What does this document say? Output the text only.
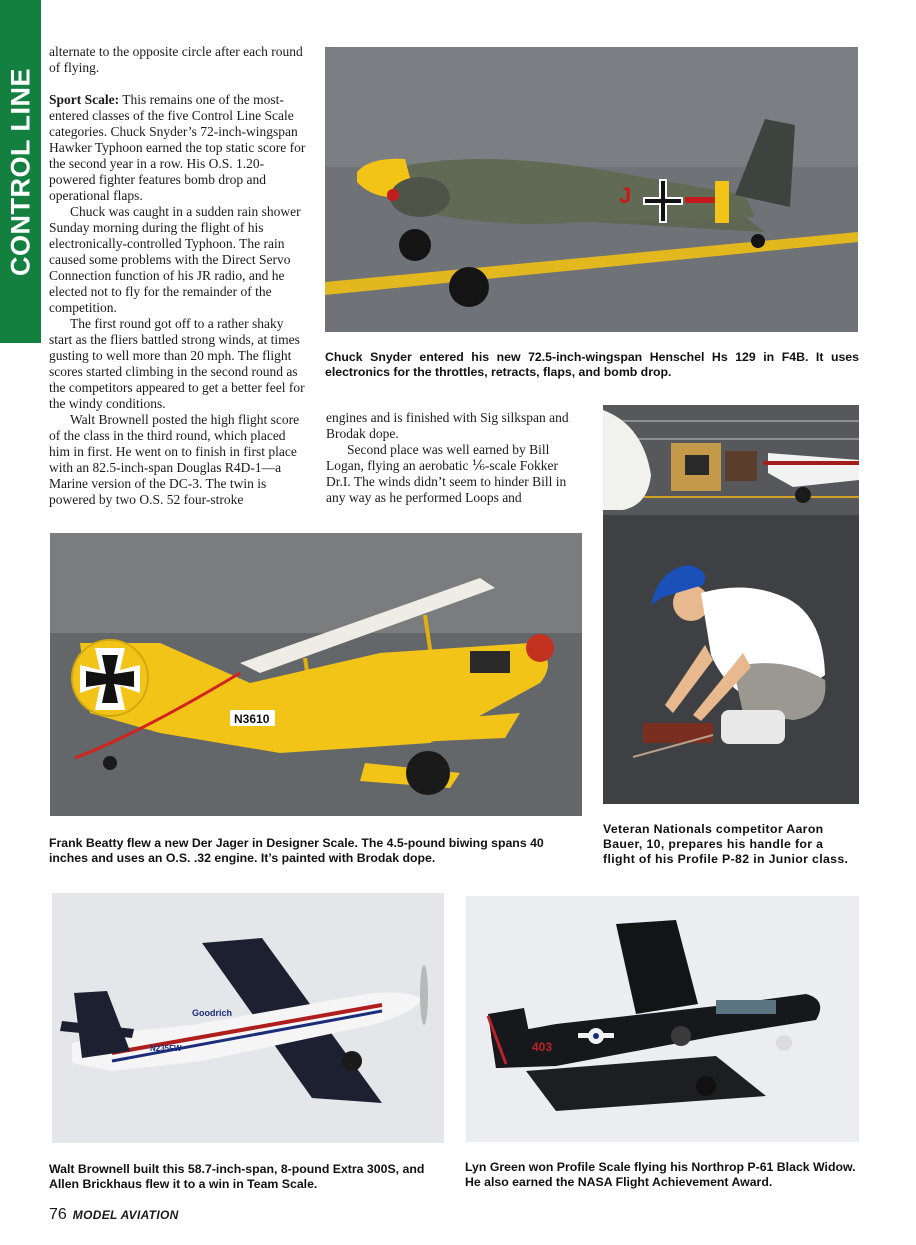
CONTROL LINE

alternate to the opposite circle after each round of flying.

Sport Scale: This remains one of the most-entered classes of the five Control Line Scale categories. Chuck Snyder’s 72-inch-wingspan Hawker Typhoon earned the top static score for the second year in a row. His O.S. 1.20-powered fighter features bomb drop and operational flaps.

Chuck was caught in a sudden rain shower Sunday morning during the flight of his electronically-controlled Typhoon. The rain caused some problems with the Direct Servo Connection function of his JR radio, and he elected not to fly for the remainder of the competition.

The first round got off to a rather shaky start as the fliers battled strong winds, at times gusting to well more than 20 mph. The flight scores started climbing in the second round as the competitors appeared to get a better feel for the windy conditions.

Walt Brownell posted the high flight score of the class in the third round, which placed him in first. He went on to finish in first place with an 82.5-inch-span Douglas R4D-1—a Marine version of the DC-3. The twin is powered by two O.S. 52 four-stroke

engines and is finished with Sig silkspan and Brodak dope.

Second place was well earned by Bill Logan, flying an aerobatic ⅙-scale Fokker Dr.I. The winds didn’t seem to hinder Bill in any way as he performed Loops and

J
Chuck Snyder entered his new 72.5-inch-wingspan Henschel Hs 129 in F4B. It uses electronics for the throttles, retracts, flaps, and bomb drop.
Veteran Nationals competitor Aaron Bauer, 10, prepares his handle for a flight of his Profile P-82 in Junior class.
N3610
Frank Beatty flew a new Der Jager in Designer Scale. The 4.5-pound biwing spans 40 inches and uses an O.S. .32 engine. It’s painted with Brodak dope.
Goodrich
N235FW
Walt Brownell built this 58.7-inch-span, 8-pound Extra 300S, and Allen Brickhaus flew it to a win in Team Scale.
403
Lyn Green won Profile Scale flying his Northrop P-61 Black Widow. He also earned the NASA Flight Achievement Award.
76 MODEL AVIATION
